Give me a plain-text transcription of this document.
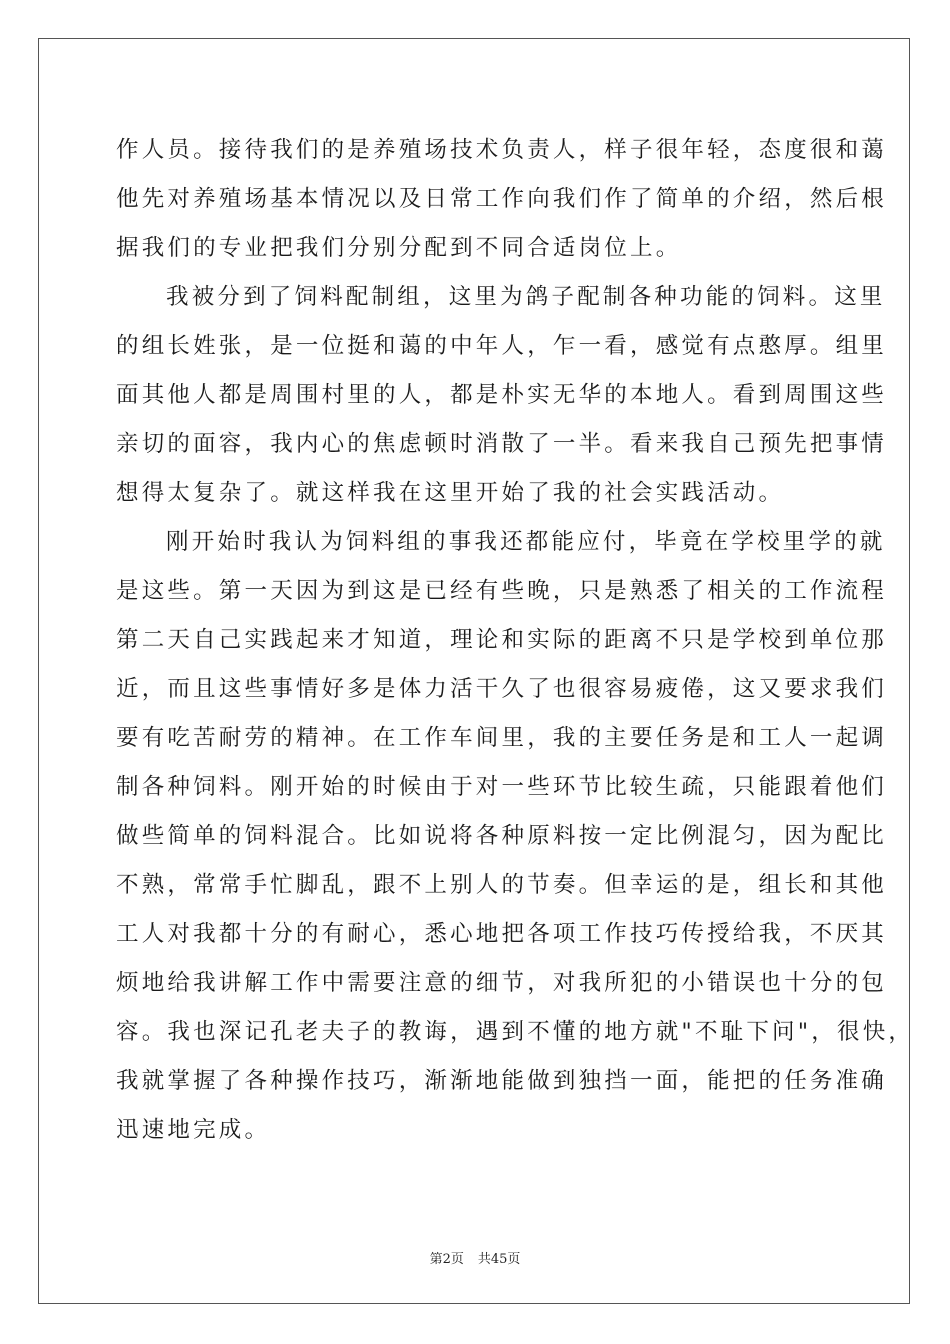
作人员。接待我们的是养殖场技术负责人，样子很年轻，态度很和蔼
他先对养殖场基本情况以及日常工作向我们作了简单的介绍，然后根
据我们的专业把我们分别分配到不同合适岗位上。
我被分到了饲料配制组，这里为鸽子配制各种功能的饲料。这里
的组长姓张，是一位挺和蔼的中年人，乍一看，感觉有点憨厚。组里
面其他人都是周围村里的人，都是朴实无华的本地人。看到周围这些
亲切的面容，我内心的焦虑顿时消散了一半。看来我自己预先把事情
想得太复杂了。就这样我在这里开始了我的社会实践活动。
刚开始时我认为饲料组的事我还都能应付，毕竟在学校里学的就
是这些。第一天因为到这是已经有些晚，只是熟悉了相关的工作流程
第二天自己实践起来才知道，理论和实际的距离不只是学校到单位那
近，而且这些事情好多是体力活干久了也很容易疲倦，这又要求我们
要有吃苦耐劳的精神。在工作车间里，我的主要任务是和工人一起调
制各种饲料。刚开始的时候由于对一些环节比较生疏，只能跟着他们
做些简单的饲料混合。比如说将各种原料按一定比例混匀，因为配比
不熟，常常手忙脚乱，跟不上别人的节奏。但幸运的是，组长和其他
工人对我都十分的有耐心，悉心地把各项工作技巧传授给我，不厌其
烦地给我讲解工作中需要注意的细节，对我所犯的小错误也十分的包
容。我也深记孔老夫子的教诲，遇到不懂的地方就"不耻下问"，很快，
我就掌握了各种操作技巧，渐渐地能做到独挡一面，能把的任务准确
迅速地完成。
第2页 共45页
